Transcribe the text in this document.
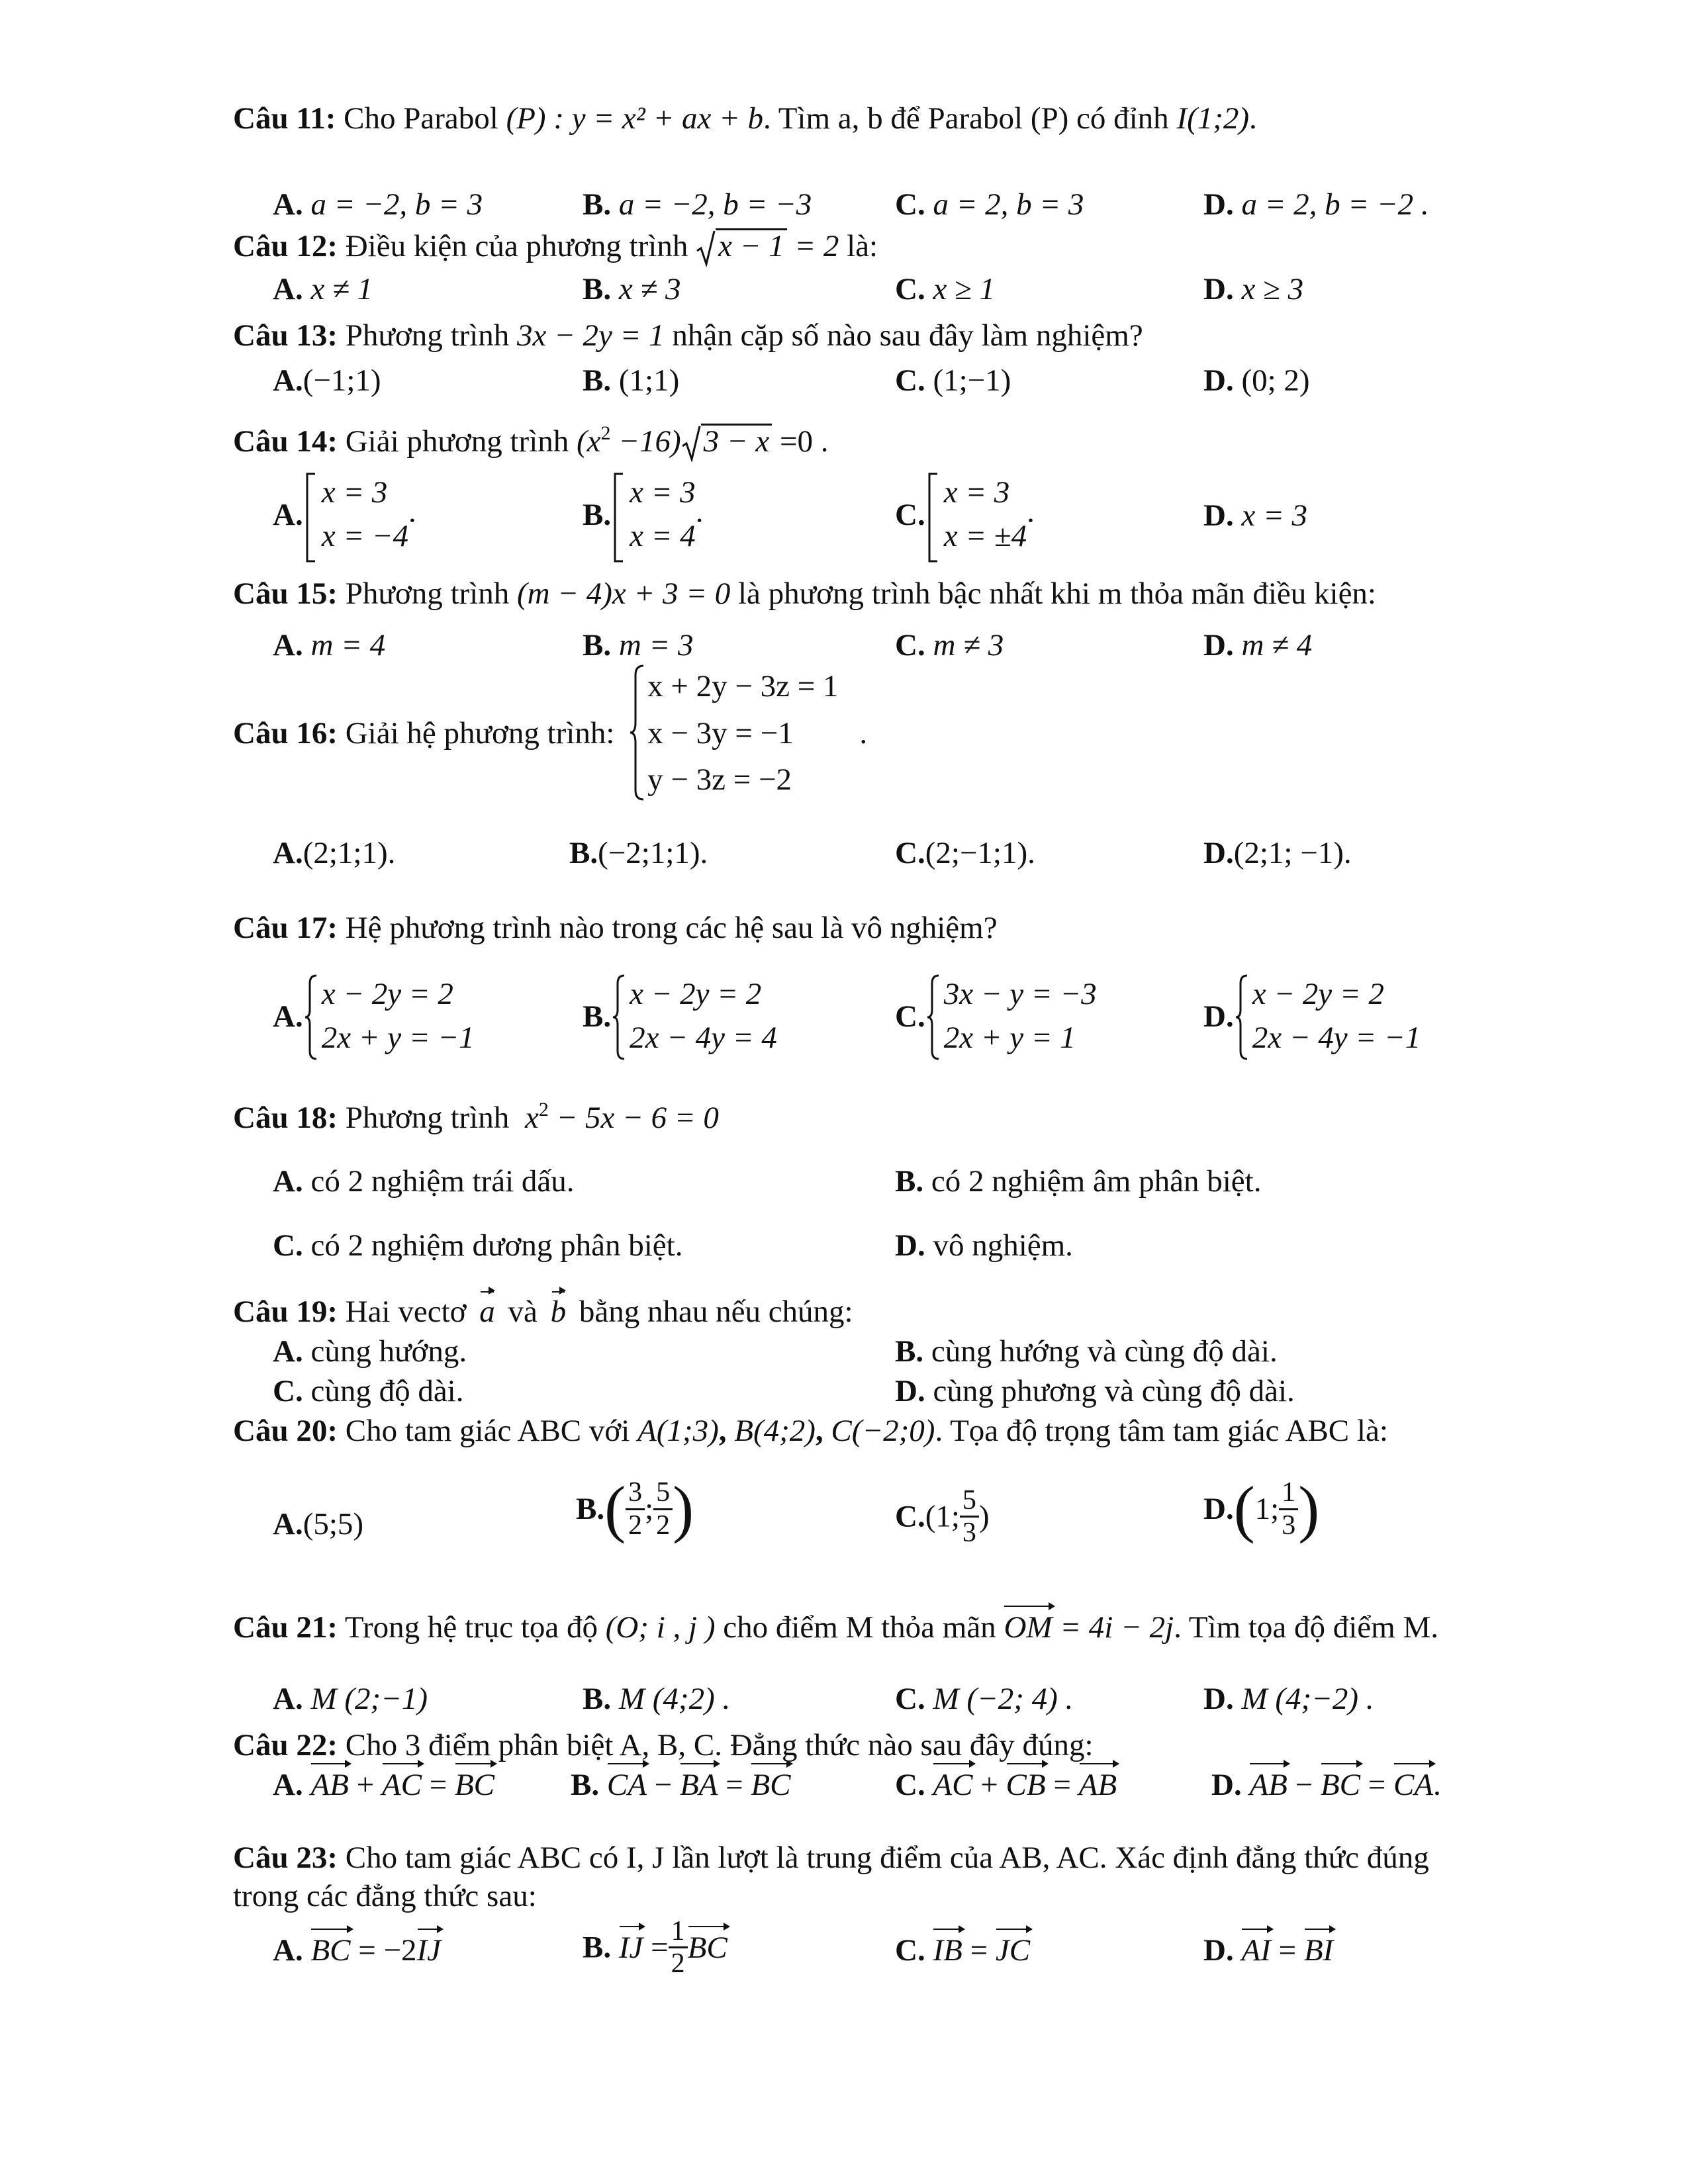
Câu 11: Cho Parabol (P) : y = x² + ax + b. Tìm a, b để Parabol (P) có đỉnh I(1;2).
A. a = −2, b = 3	B. a = −2, b = −3	C. a = 2, b = 3	D. a = 2, b = −2 .
Câu 12: Điều kiện của phương trình x − 1 = 2 là:
A. x ≠ 1	B. x ≠ 3	C. x ≥ 1	D. x ≥ 3
Câu 13: Phương trình 3x − 2y = 1 nhận cặp số nào sau đây làm nghiệm?
A.(−1;1)	B. (1;1)	C. (1;−1)	D. (0; 2)
Câu 14: Giải phương trình $(x^2 -16) 3 - x =0$ .
A.
x = 3
x = −4
.	B.
x = 3
x = 4
.	C.
x = 3
x = ±4
.	D. x = 3
Câu 15: Phương trình (m − 4)x + 3 = 0 là phương trình bậc nhất khi m thỏa mãn điều kiện:
A. m = 4	B. m = 3	C. m ≠ 3	D. m ≠ 4
Câu 16: Giải hệ phương trình:
x + 2y − 3z = 1
x − 3y = −1
y − 3z = −2
.
A.(2;1;1).	B.(−2;1;1).	C.(2;−1;1).	D.(2;1; −1).
Câu 17: Hệ phương trình nào trong các hệ sau là vô nghiệm?
A.
x − 2y = 2
2x + y = −1
B.
x − 2y = 2
2x − 4y = 4
C.
3x − y = −3
2x + y = 1
D.
x − 2y = 2
2x − 4y = −1
Câu 18: Phương trình $x^2 - 5x - 6 = 0$
A. có 2 nghiệm trái dấu.	B. có 2 nghiệm âm phân biệt.
C. có 2 nghiệm dương phân biệt.	D. vô nghiệm.
Câu 19: Hai vectơ a và b bằng nhau nếu chúng:
A. cùng hướng.	B. cùng hướng và cùng độ dài.
C. cùng độ dài.	D. cùng phương và cùng độ dài.
Câu 20: Cho tam giác ABC với A(1;3), B(4;2), C(−2;0). Tọa độ trọng tâm tam giác ABC là:
A.(5;5)	$B.( \frac{3}{2}$ ; $\frac{5}{2}$ )	C.(1; $\frac{5}{3}$ )	D.(1; $\frac{1}{3}$ )
Câu 21: Trong hệ trục tọa độ (O; i , j ) cho điểm M thỏa mãn OM = 4i − 2j. Tìm tọa độ điểm M.
A. M (2;−1)	B. M (4;2) .	C. M (−2; 4) .	D. M (4;−2) .
Câu 22: Cho 3 điểm phân biệt A, B, C. Đẳng thức nào sau đây đúng:
A. AB + AC = BC B. CA − BA = BC	C. AC + CB = AB	D. AB − BC = CA.
Câu 23: Cho tam giác ABC có I, J lần lượt là trung điểm của AB, AC. Xác định đẳng thức đúng
trong các đẳng thức sau:
A. BC = −2IJ	B. IJ = $\frac{1}{2}$ BC	C. IB = JC	D. AI = BI
